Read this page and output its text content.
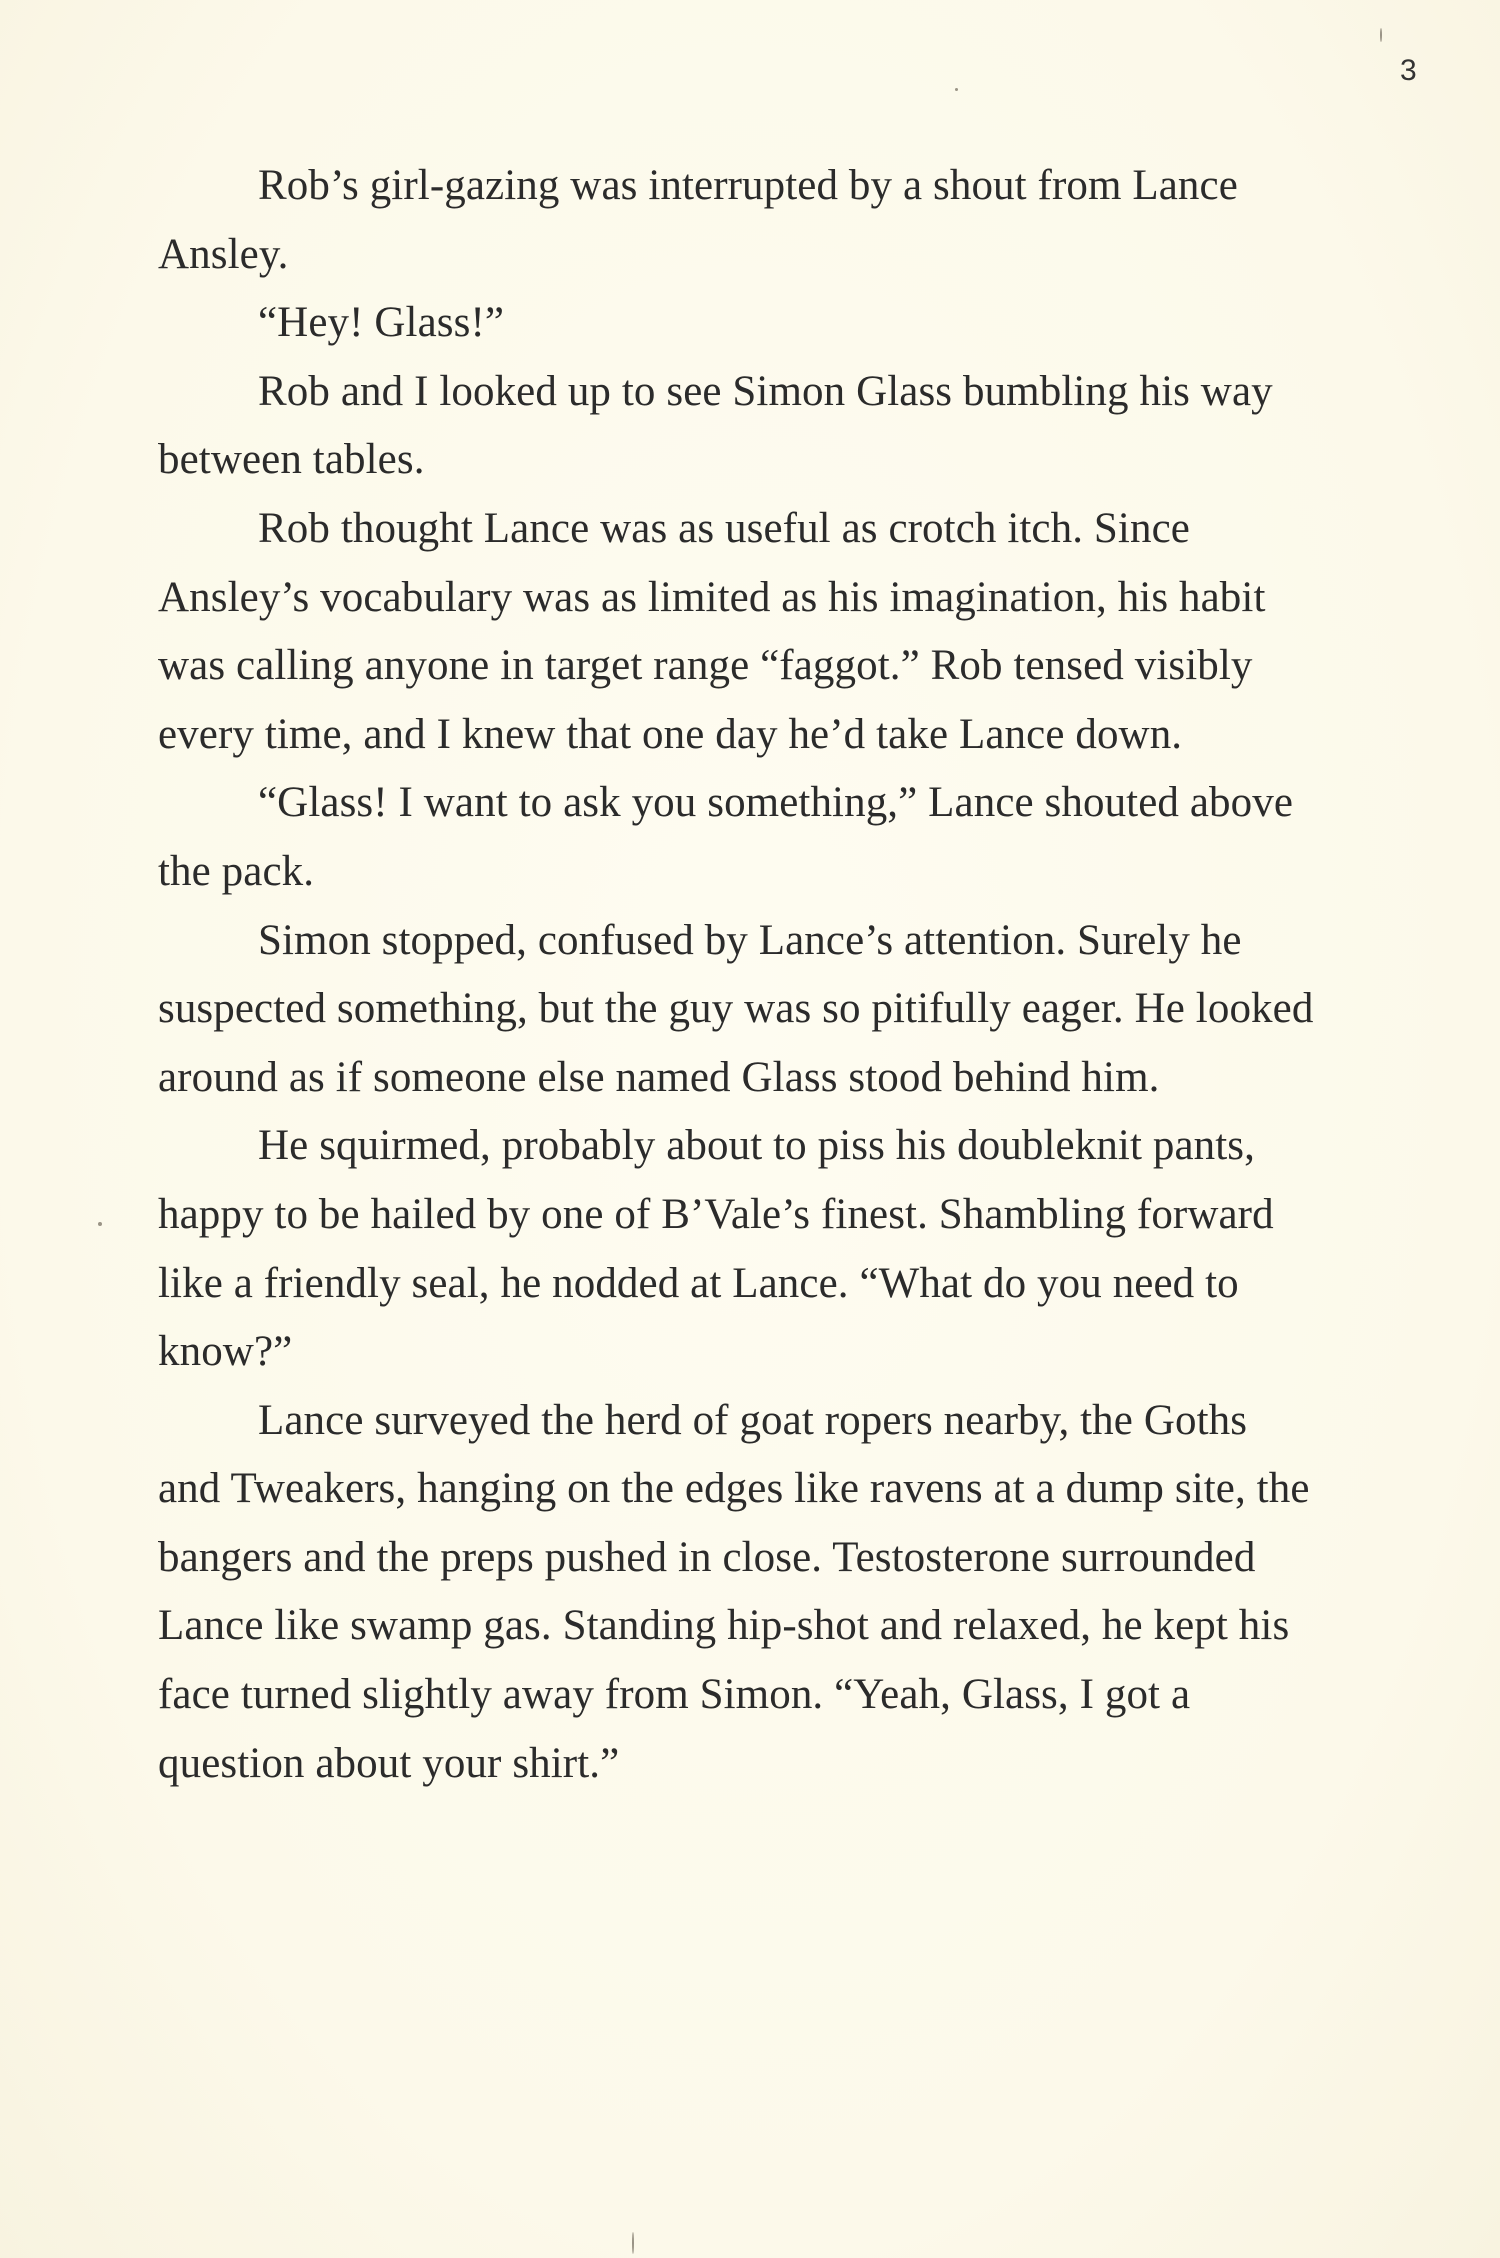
3

Rob’s girl-gazing was interrupted by a shout from Lance Ansley.

“Hey! Glass!”

Rob and I looked up to see Simon Glass bumbling his way between tables.

Rob thought Lance was as useful as crotch itch. Since Ansley’s vocabulary was as limited as his imagination, his habit was calling anyone in target range “faggot.” Rob tensed visibly every time, and I knew that one day he’d take Lance down.

“Glass! I want to ask you something,” Lance shouted above the pack.

Simon stopped, confused by Lance’s attention. Surely he suspected something, but the guy was so pitifully eager. He looked around as if someone else named Glass stood behind him.

He squirmed, probably about to piss his doubleknit pants, happy to be hailed by one of B’Vale’s finest. Shambling forward like a friendly seal, he nodded at Lance. “What do you need to know?”

Lance surveyed the herd of goat ropers nearby, the Goths and Tweakers, hanging on the edges like ravens at a dump site, the bangers and the preps pushed in close. Testosterone surrounded Lance like swamp gas. Standing hip-shot and relaxed, he kept his face turned slightly away from Simon. “Yeah, Glass, I got a question about your shirt.”
